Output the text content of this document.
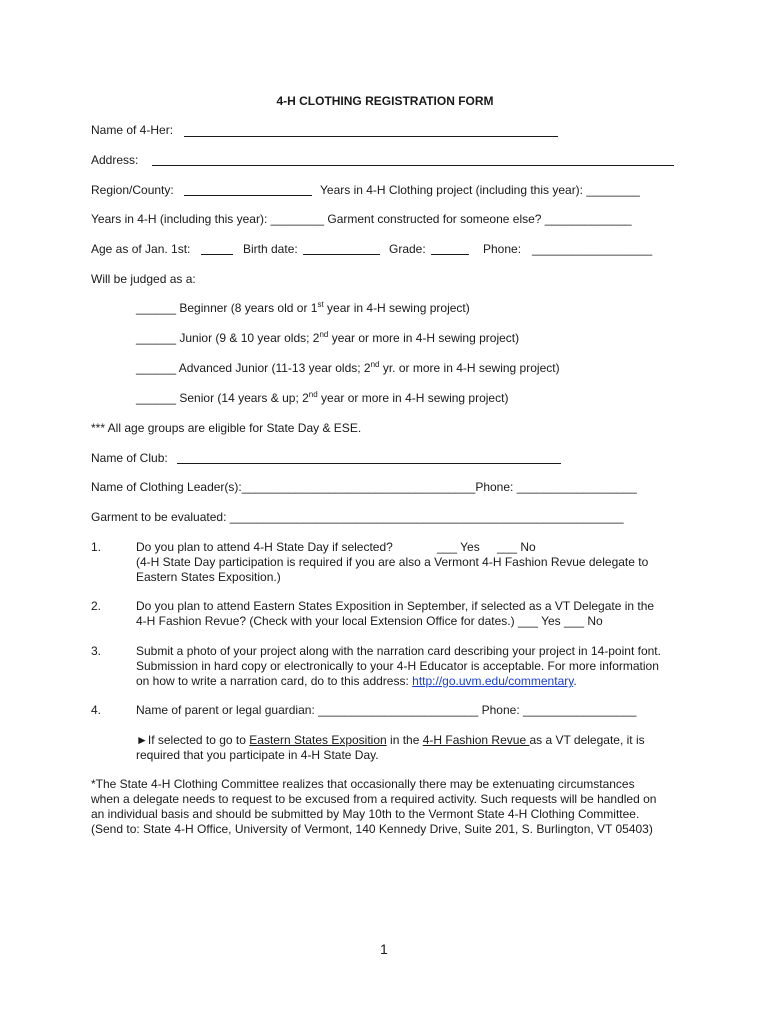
4-H CLOTHING REGISTRATION FORM
Name of 4-Her:
Address:
Region/County:	Years in 4-H Clothing project (including this year): ________
Years in 4-H (including this year): ________ Garment constructed for someone else? _____________
Age as of Jan. 1st:	Birth date:	Grade:	Phone: __________________
Will be judged as a:
______ Beginner (8 years old or 1st year in 4-H sewing project)
______ Junior (9 & 10 year olds; 2nd year or more in 4-H sewing project)
______ Advanced Junior (11-13 year olds; 2nd yr. or more in 4-H sewing project)
______ Senior (14 years & up; 2nd year or more in 4-H sewing project)
*** All age groups are eligible for State Day & ESE.
Name of Club:
Name of Clothing Leader(s):___________________________________Phone: __________________
Garment to be evaluated: ___________________________________________________________
1.	Do you plan to attend 4-H State Day if selected?	___ Yes ___ No
(4-H State Day participation is required if you are also a Vermont 4-H Fashion Revue delegate to
Eastern States Exposition.)
2.	Do you plan to attend Eastern States Exposition in September, if selected as a VT Delegate in the
4-H Fashion Revue? (Check with your local Extension Office for dates.) ___ Yes ___ No
3.	Submit a photo of your project along with the narration card describing your project in 14-point font.
Submission in hard copy or electronically to your 4-H Educator is acceptable. For more information
on how to write a narration card, do to this address: http://go.uvm.edu/commentary.
4.	Name of parent or legal guardian: ________________________ Phone: _________________
►If selected to go to Eastern States Exposition in the 4-H Fashion Revue as a VT delegate, it is
required that you participate in 4-H State Day.
*The State 4-H Clothing Committee realizes that occasionally there may be extenuating circumstances
when a delegate needs to request to be excused from a required activity. Such requests will be handled on
an individual basis and should be submitted by May 10th to the Vermont State 4-H Clothing Committee.
(Send to: State 4-H Office, University of Vermont, 140 Kennedy Drive, Suite 201, S. Burlington, VT 05403)
1
